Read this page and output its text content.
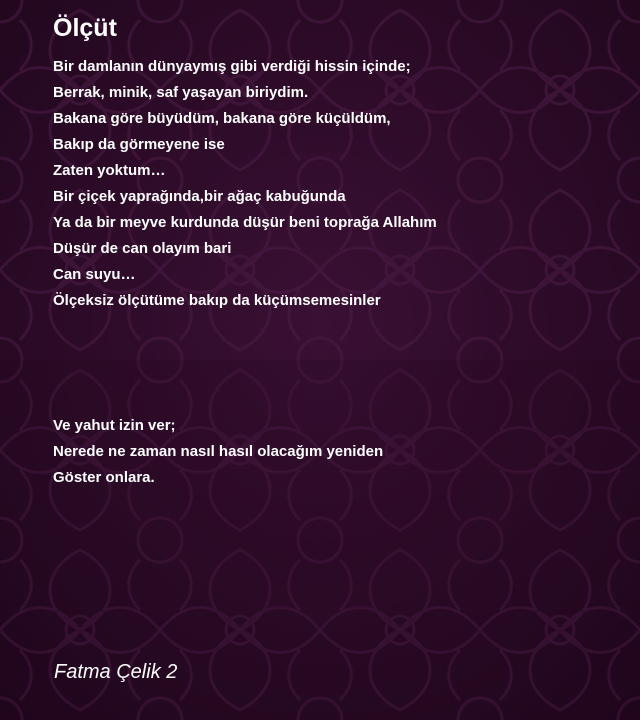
Ölçüt
Bir damlanın dünyaymış gibi verdiği hissin içinde;
Berrak, minik, saf yaşayan biriydim.
Bakana göre büyüdüm, bakana göre küçüldüm,
Bakıp da görmeyene ise
Zaten yoktum…
Bir çiçek yaprağında,bir ağaç kabuğunda
Ya da bir meyve kurdunda düşür beni toprağa Allahım
Düşür de can olayım bari
Can suyu…
Ölçeksiz ölçütüme bakıp da küçümsemesinler
Ve yahut izin ver;
Nerede ne zaman nasıl hasıl olacağım yeniden
Göster onlara.
Fatma Çelik 2
